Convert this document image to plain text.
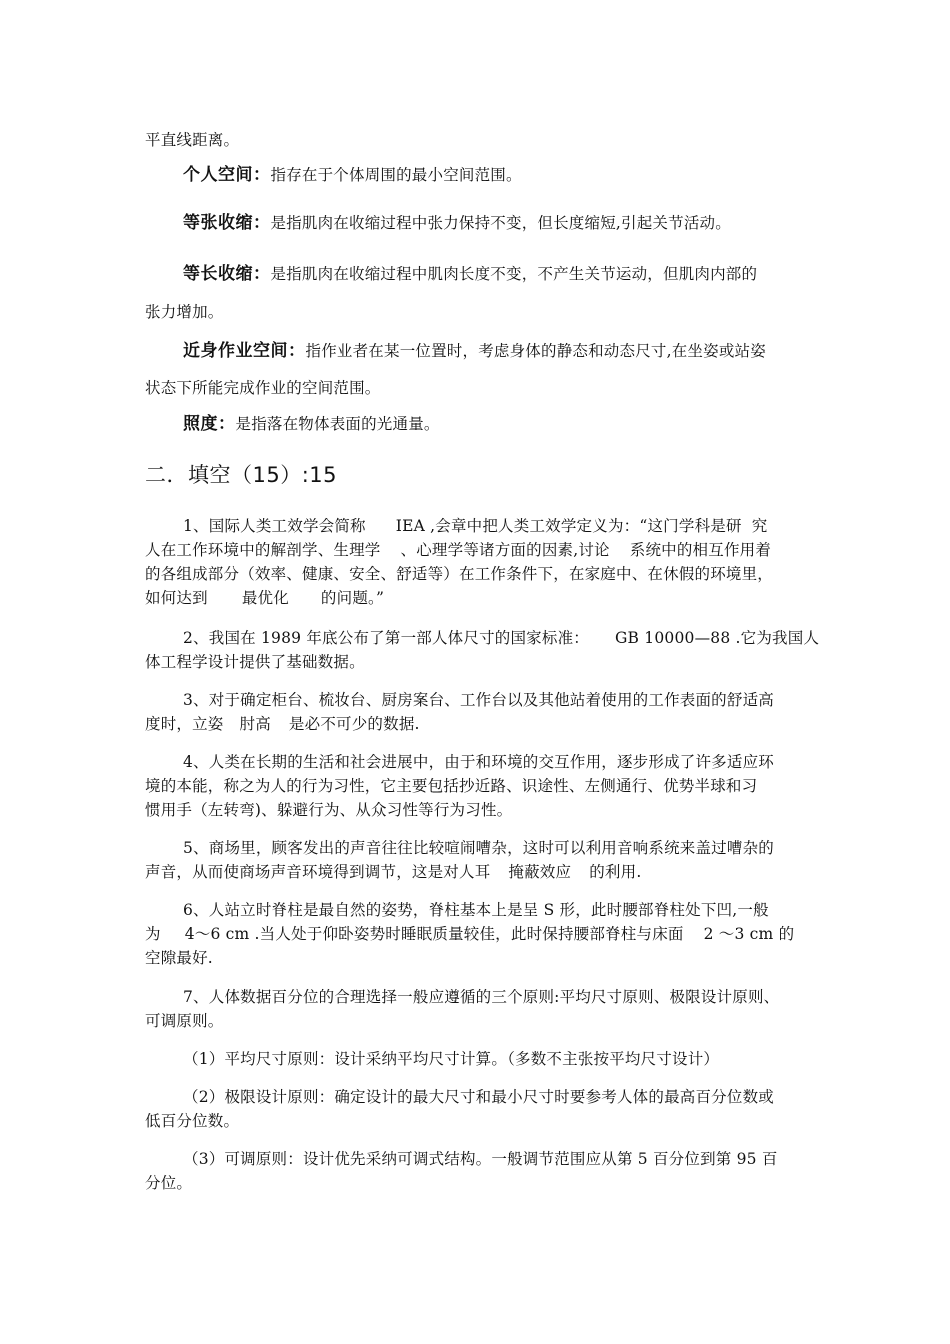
平直线距离。
个人空间：指存在于个体周围的最小空间范围。
等张收缩：是指肌肉在收缩过程中张力保持不变，但长度缩短,引起关节活动。
等长收缩：是指肌肉在收缩过程中肌肉长度不变，不产生关节运动，但肌肉内部的
张力增加。
近身作业空间：指作业者在某一位置时，考虑身体的静态和动态尺寸,在坐姿或站姿
状态下所能完成作业的空间范围。
照度：是指落在物体表面的光通量。
二．填空（15）:15
1、国际人类工效学会简称 IEA ,会章中把人类工效学定义为：“这门学科是研 究
人在工作环境中的解剖学、生理学 、心理学等诸方面的因素,讨论 系统中的相互作用着
的各组成部分（效率、健康、安全、舒适等）在工作条件下，在家庭中、在休假的环境里，
如何达到 最优化 的问题。”
2、我国在 1989 年底公布了第一部人体尺寸的国家标准： GB 10000—88 .它为我国人
体工程学设计提供了基础数据。
3、对于确定柜台、梳妆台、厨房案台、工作台以及其他站着使用的工作表面的舒适高
度时，立姿 肘高 是必不可少的数据.
4、人类在长期的生活和社会进展中，由于和环境的交互作用，逐步形成了许多适应环
境的本能，称之为人的行为习性，它主要包括抄近路、识途性、左侧通行、优势半球和习
惯用手（左转弯)、躲避行为、从众习性等行为习性。
5、商场里，顾客发出的声音往往比较喧闹嘈杂，这时可以利用音响系统来盖过嘈杂的
声音，从而使商场声音环境得到调节，这是对人耳 掩蔽效应 的利用.
6、人站立时脊柱是最自然的姿势，脊柱基本上是呈 S 形，此时腰部脊柱处下凹,一般
为 4～6 cm .当人处于仰卧姿势时睡眠质量较佳，此时保持腰部脊柱与床面 2 ～3 cm 的
空隙最好.
7、人体数据百分位的合理选择一般应遵循的三个原则:平均尺寸原则、极限设计原则、
可调原则。
（1）平均尺寸原则：设计采纳平均尺寸计算。（多数不主张按平均尺寸设计）
（2）极限设计原则：确定设计的最大尺寸和最小尺寸时要参考人体的最高百分位数或
低百分位数。
（3）可调原则：设计优先采纳可调式结构。一般调节范围应从第 5 百分位到第 95 百
分位。
